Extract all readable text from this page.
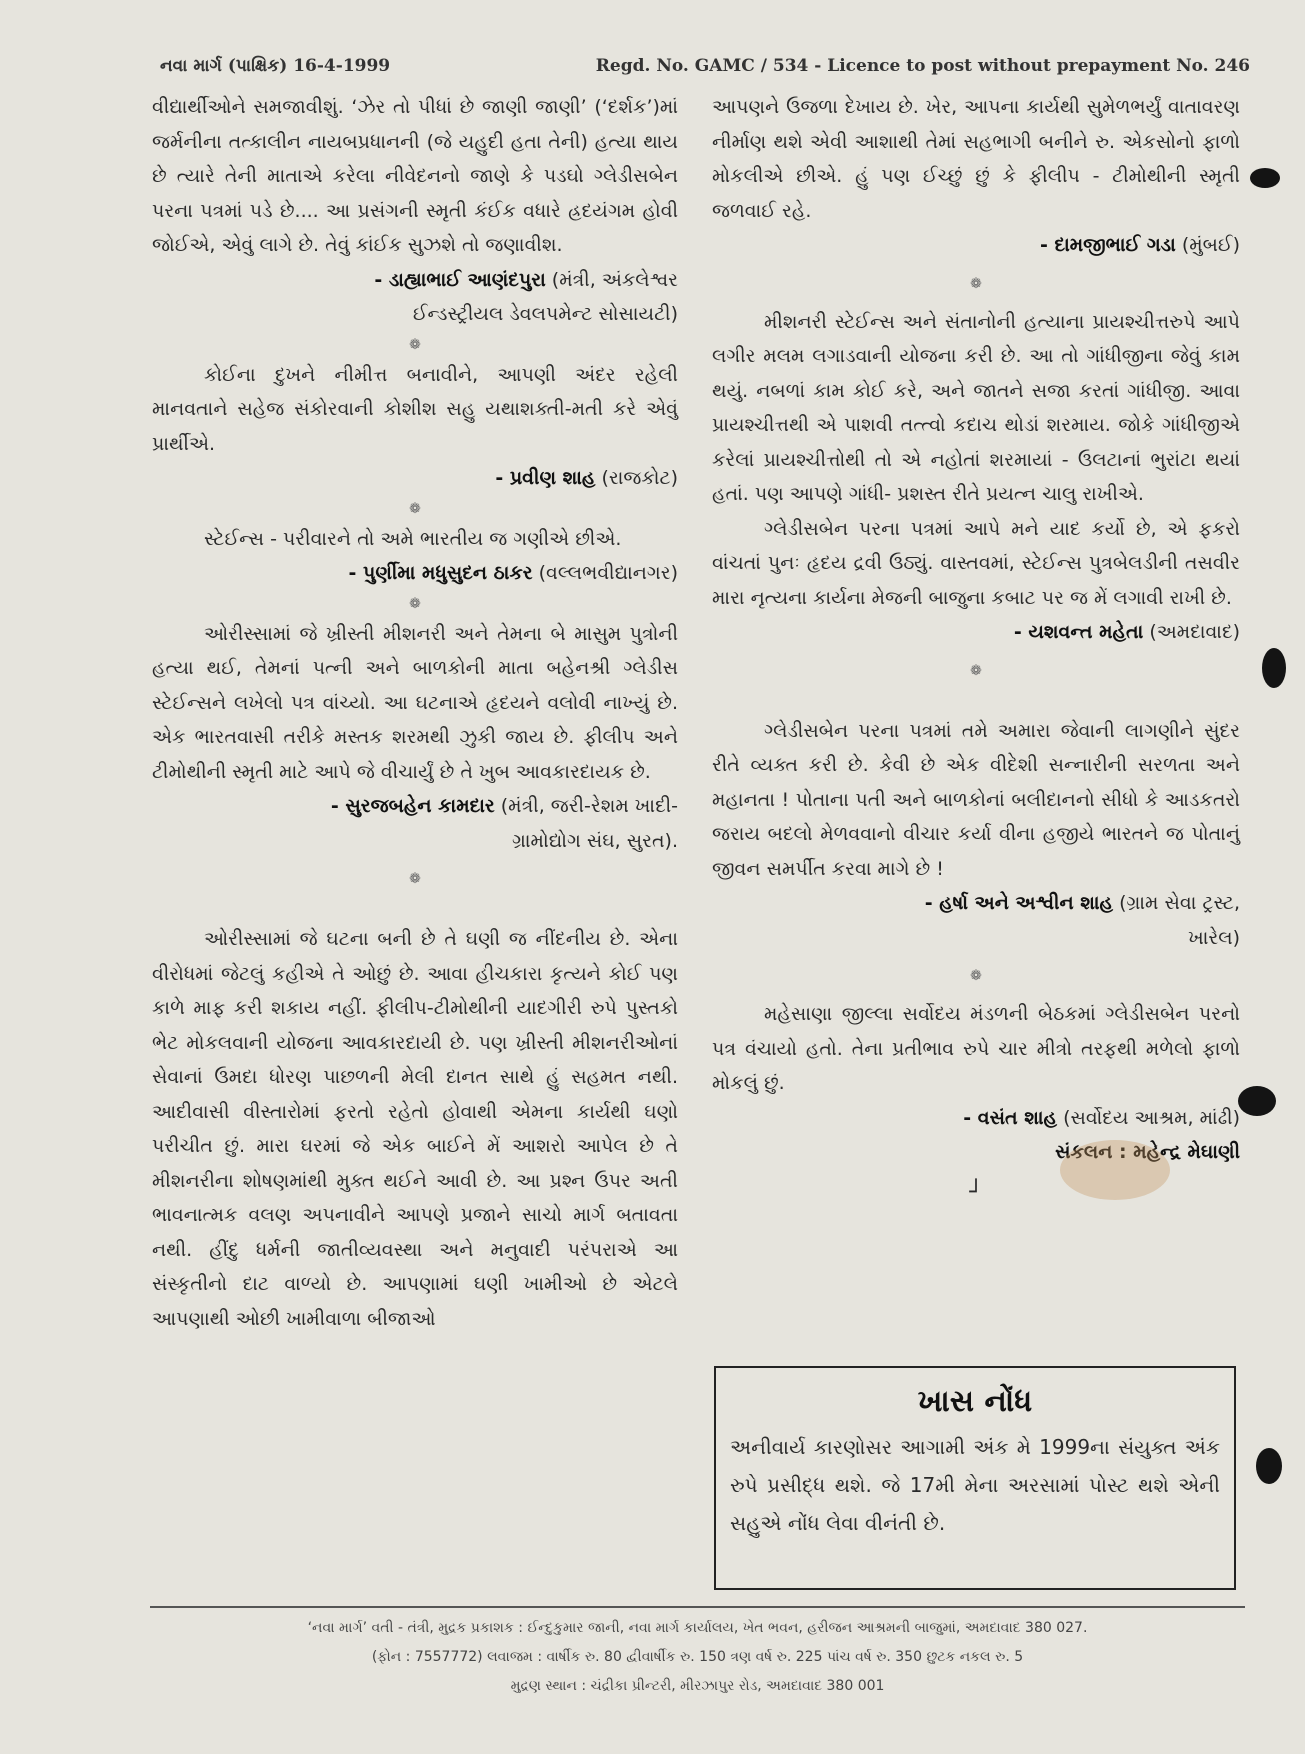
નવા માર્ગ (પાક્ષિક) 16-4-1999	Regd. No. GAMC / 534 - Licence to post without prepayment No. 246

વીદ્યાર્થીઓને સમજાવીશું. ‘ઝેર તો પીધાં છે જાણી જાણી’ (‘દર્શક’)માં જર્મનીના તત્કાલીન નાયબપ્રધાનની (જે યહુદી હતા તેની) હત્યા થાય છે ત્યારે તેની માતાએ કરેલા નીવેદનનો જાણે કે પડઘો ગ્લેડીસબેન પરના પત્રમાં પડે છે.... આ પ્રસંગની સ્મૃતી કંઈક વધારે હ્રદયંગમ હોવી જોઈએ, એવું લાગે છે. તેવું કાંઈક સુઝશે તો જણાવીશ.

- ડાહ્યાભાઈ આણંદપુરા (મંત્રી, અંકલેશ્વર
ઈન્ડસ્ટ્રીયલ ડેવલપમેન્ટ સોસાયટી)

❁

કોઈના દુખને નીમીત્ત બનાવીને, આપણી અંદર રહેલી માનવતાને સહેજ સંકોરવાની કોશીશ સહુ યથાશક્તી-મતી કરે એવું પ્રાર્થીએ.

- પ્રવીણ શાહ (રાજકોટ)

❁

સ્ટેઈન્સ - પરીવારને તો અમે ભારતીય જ ગણીએ છીએ.

- પુર્ણીમા મધુસુદન ઠાકર (વલ્લભવીદ્યાનગર)

❁

ઓરીસ્સામાં જે ખ્રીસ્તી મીશનરી અને તેમના બે માસુમ પુત્રોની હત્યા થઈ, તેમનાં પત્ની અને બાળકોની માતા બહેનશ્રી ગ્લેડીસ સ્ટેઈન્સને લખેલો પત્ર વાંચ્યો. આ ઘટનાએ હૃદયને વલોવી નાખ્યું છે. એક ભારતવાસી તરીકે મસ્તક શરમથી ઝુકી જાય છે. ફીલીપ અને ટીમોથીની સ્મૃતી માટે આપે જે વીચાર્યું છે તે ખુબ આવકારદાયક છે.

- સુરજબહેન કામદાર (મંત્રી, જરી-રેશમ ખાદી-
ગ્રામોદ્યોગ સંઘ, સુરત).

❁

ઓરીસ્સામાં જે ઘટના બની છે તે ઘણી જ નીંદનીય છે. એના વીરોધમાં જેટલું કહીએ તે ઓછું છે. આવા હીચકારા કૃત્યને કોઈ પણ કાળે માફ કરી શકાય નહીં. ફીલીપ-ટીમોથીની યાદગીરી રુપે પુસ્તકો ભેટ મોકલવાની યોજના આવકારદાયી છે. પણ ખ્રીસ્તી મીશનરીઓનાં સેવાનાં ઉમદા ધોરણ પાછળની મેલી દાનત સાથે હું સહમત નથી. આદીવાસી વીસ્તારોમાં ફરતો રહેતો હોવાથી એમના કાર્યથી ઘણો પરીચીત છું. મારા ઘરમાં જે એક બાઈને મેં આશરો આપેલ છે તે મીશનરીના શોષણમાંથી મુક્ત થઈને આવી છે. આ પ્રશ્ન ઉપર અતી ભાવનાત્મક વલણ અપનાવીને આપણે પ્રજાને સાચો માર્ગ બતાવતા નથી. હીંદુ ધર્મની જાતીવ્યવસ્થા અને મનુવાદી પરંપરાએ આ સંસ્કૃતીનો દાટ વાળ્યો છે. આપણામાં ઘણી ખામીઓ છે એટલે આપણાથી ઓછી ખામીવાળા બીજાઓ

આપણને ઉજળા દેખાય છે. ખેર, આપના કાર્યથી સુમેળભર્યું વાતાવરણ નીર્માણ થશે એવી આશાથી તેમાં સહભાગી બનીને રુ. એકસોનો ફાળો મોકલીએ છીએ. હું પણ ઈચ્છું છું કે ફીલીપ - ટીમોથીની સ્મૃતી જળવાઈ રહે.

- દામજીભાઈ ગડા (મુંબઈ)

❁

મીશનરી સ્ટેઈન્સ અને સંતાનોની હત્યાના પ્રાયશ્ચીત્તરુપે આપે લગીર મલમ લગાડવાની યોજના કરી છે. આ તો ગાંધીજીના જેવું કામ થયું. નબળાં કામ કોઈ કરે, અને જાતને સજા કરતાં ગાંધીજી. આવા પ્રાયશ્ચીત્તથી એ પાશવી તત્ત્વો કદાચ થોડાં શરમાય. જોકે ગાંધીજીએ કરેલાં પ્રાયશ્ચીત્તોથી તો એ નહોતાં શરમાયાં - ઉલટાનાં ભુરાંટા થયાં હતાં. પણ આપણે ગાંધી- પ્રશસ્ત રીતે પ્રયત્ન ચાલુ રાખીએ.

ગ્લેડીસબેન પરના પત્રમાં આપે મને યાદ કર્યો છે, એ ફકરો વાંચતાં પુનઃ હૃદય દ્રવી ઉઠ્યું. વાસ્તવમાં, સ્ટેઈન્સ પુત્રબેલડીની તસવીર મારા નૃત્યના કાર્યના મેજની બાજુના કબાટ પર જ મેં લગાવી રાખી છે.

- યશવન્ત મહેતા (અમદાવાદ)

❁

ગ્લેડીસબેન પરના પત્રમાં તમે અમારા જેવાની લાગણીને સુંદર રીતે વ્યક્ત કરી છે. કેવી છે એક વીદેશી સન્નારીની સરળતા અને મહાનતા ! પોતાના પતી અને બાળકોનાં બલીદાનનો સીધો કે આડકતરો જરાય બદલો મેળવવાનો વીચાર કર્યા વીના હજીયે ભારતને જ પોતાનું જીવન સમર્પીત કરવા માગે છે !

- હર્ષા અને અશ્વીન શાહ (ગ્રામ સેવા ટ્રસ્ટ,
ખારેલ)

❁

મહેસાણા જીલ્લા સર્વોદય મંડળની બેઠકમાં ગ્લેડીસબેન પરનો પત્ર વંચાયો હતો. તેના પ્રતીભાવ રુપે ચાર મીત્રો તરફથી મળેલો ફાળો મોકલું છું.

- વસંત શાહ (સર્વોદય આશ્રમ, માંઢી)

સંકલન : મહેન્દ્ર મેઘાણી

┘
ખાસ નોંધ
અનીવાર્ય કારણોસર આગામી અંક મે 1999ના સંયુક્ત અંક રુપે પ્રસીદ્ધ થશે. જે 17મી મેના અરસામાં પોસ્ટ થશે એની સહુએ નોંધ લેવા વીનંતી છે.
‘નવા માર્ગ’ વતી - તંત્રી, મુદ્રક પ્રકાશક : ઈન્દુકુમાર જાની, નવા માર્ગ કાર્યાલય, ખેત ભવન, હરીજન આશ્રમની બાજુમાં, અમદાવાદ 380 027.
(ફોન : 7557772) લવાજમ : વાર્ષીક રુ. 80 દ્વીવાર્ષીક રુ. 150 ત્રણ વર્ષ રુ. 225 પાંચ વર્ષ રુ. 350 છુટક નકલ રુ. 5
મુદ્રણ સ્થાન : ચંદ્રીકા પ્રીન્ટરી, મીરઝાપુર રોડ, અમદાવાદ 380 001
